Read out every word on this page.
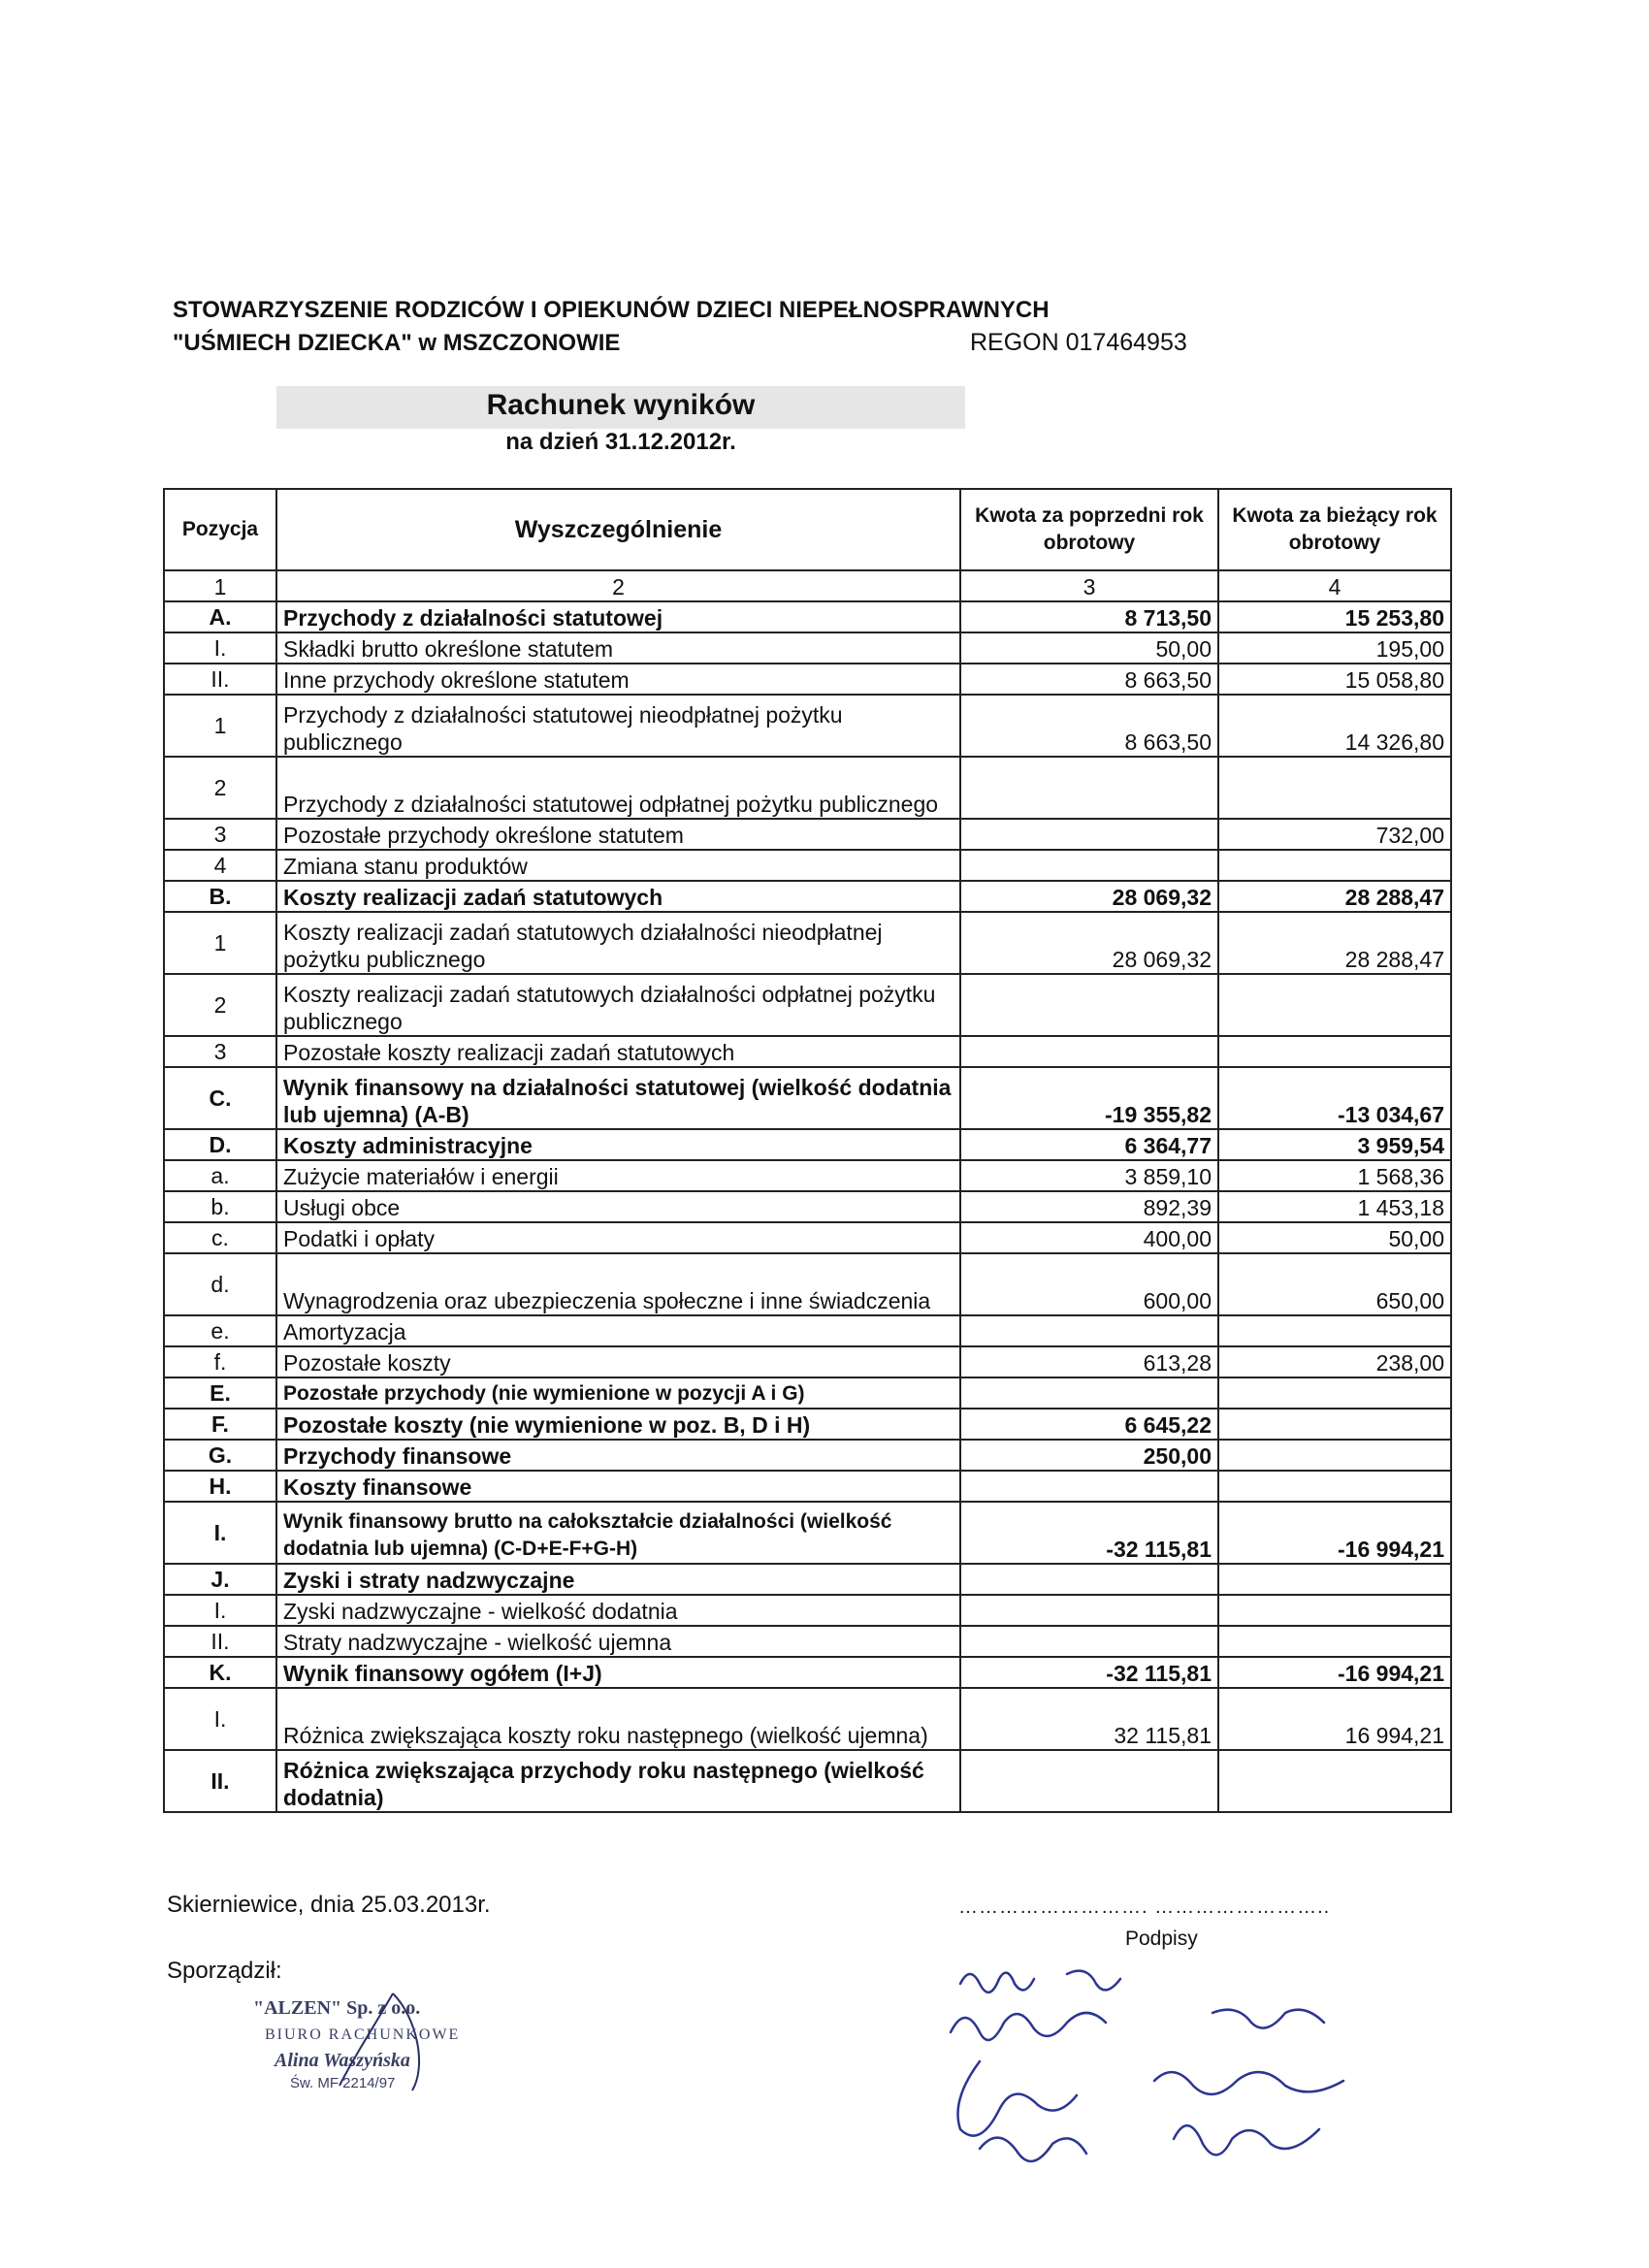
STOWARZYSZENIE RODZICÓW I OPIEKUNÓW DZIECI NIEPEŁNOSPRAWNYCH
"UŚMIECH DZIECKA" w MSZCZONOWIE	REGON 017464953
Rachunek wyników
na dzień 31.12.2012r.
Pozycja	Wyszczególnienie	Kwota za poprzedni rok obrotowy	Kwota za bieżący rok obrotowy
1	2	3	4
A.	Przychody z działalności statutowej	8 713,50	15 253,80
I.	Składki brutto określone statutem	50,00	195,00
II.	Inne przychody określone statutem	8 663,50	15 058,80
1	Przychody z działalności statutowej nieodpłatnej pożytku publicznego	8 663,50	14 326,80
2	Przychody z działalności statutowej odpłatnej pożytku publicznego		
3	Pozostałe przychody określone statutem		732,00
4	Zmiana stanu produktów		
B.	Koszty realizacji zadań statutowych	28 069,32	28 288,47
1	Koszty realizacji zadań statutowych działalności nieodpłatnej pożytku publicznego	28 069,32	28 288,47
2	Koszty realizacji zadań statutowych działalności odpłatnej pożytku publicznego		
3	Pozostałe koszty realizacji zadań statutowych		
C.	Wynik finansowy na działalności statutowej (wielkość dodatnia lub ujemna) (A-B)	-19 355,82	-13 034,67
D.	Koszty administracyjne	6 364,77	3 959,54
a.	Zużycie materiałów i energii	3 859,10	1 568,36
b.	Usługi obce	892,39	1 453,18
c.	Podatki i opłaty	400,00	50,00
d.	Wynagrodzenia oraz ubezpieczenia społeczne i inne świadczenia	600,00	650,00
e.	Amortyzacja		
f.	Pozostałe koszty	613,28	238,00
E.	Pozostałe przychody (nie wymienione w pozycji A i G)		
F.	Pozostałe koszty (nie wymienione w poz. B, D i H)	6 645,22	
G.	Przychody finansowe	250,00	
H.	Koszty finansowe		
I.	Wynik finansowy brutto na całokształcie działalności (wielkość dodatnia lub ujemna) (C-D+E-F+G-H)	-32 115,81	-16 994,21
J.	Zyski i straty nadzwyczajne		
I.	Zyski nadzwyczajne - wielkość dodatnia		
II.	Straty nadzwyczajne - wielkość ujemna		
K.	Wynik finansowy ogółem (I+J)	-32 115,81	-16 994,21
I.	Różnica zwiększająca koszty roku następnego (wielkość ujemna)	32 115,81	16 994,21
II.	Różnica zwiększająca przychody roku następnego (wielkość dodatnia)		
Skierniewice, dnia 25.03.2013r.
Sporządził:
………………………. ……………………..
Podpisy
"ALZEN" Sp. z o.o.
BIURO RACHUNKOWE
Alina Waszyńska
Św. MF 2214/97
